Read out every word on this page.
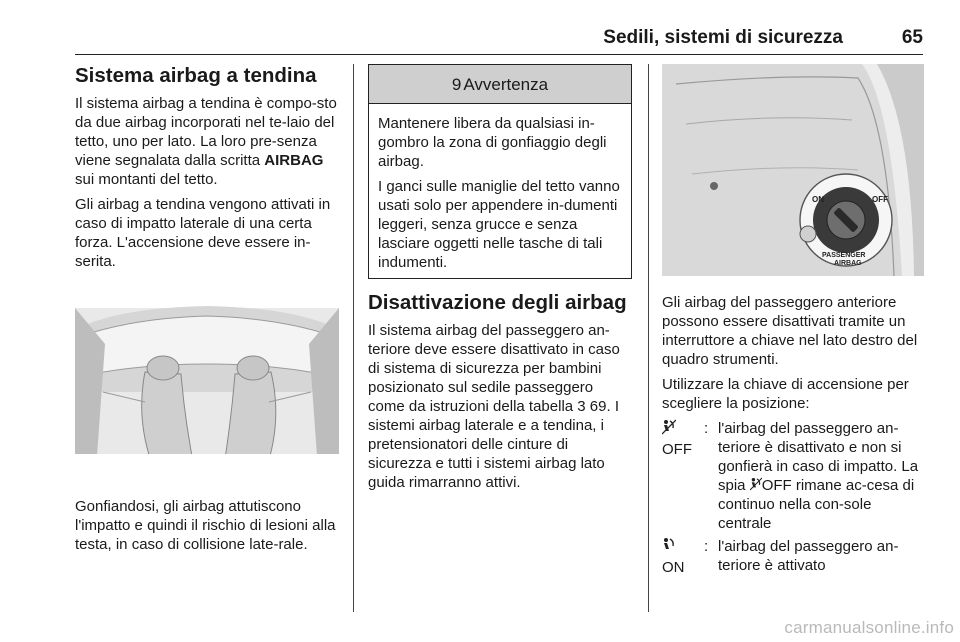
Sedili, sistemi di sicurezza	65
Sistema airbag a tendina

Il sistema airbag a tendina è compo-sto da due airbag incorporati nel te-laio del tetto, uno per lato. La loro pre-senza viene segnalata dalla scritta AIRBAG sui montanti del tetto.

Gli airbag a tendina vengono attivati in caso di impatto laterale di una certa forza. L'accensione deve essere in-serita.

Gonfiandosi, gli airbag attutiscono l'impatto e quindi il rischio di lesioni alla testa, in caso di collisione late-rale.

9 Avvertenza

Mantenere libera da qualsiasi in-gombro la zona di gonfiaggio degli airbag.

I ganci sulle maniglie del tetto vanno usati solo per appendere in-dumenti leggeri, senza grucce e senza lasciare oggetti nelle tasche di tali indumenti.

Disattivazione degli airbag

Il sistema airbag del passeggero an-teriore deve essere disattivato in caso di sistema di sicurezza per bambini posizionato sul sedile passeggero come da istruzioni della tabella 3 69. I sistemi airbag laterale e a tendina, i pretensionatori delle cinture di sicurezza e tutti i sistemi airbag lato guida rimarranno attivi.

ON	OFF
PASSENGER
AIRBAG

Gli airbag del passeggero anteriore possono essere disattivati tramite un interruttore a chiave nel lato destro del quadro strumenti.

Utilizzare la chiave di accensione per scegliere la posizione:

OFF
: l'airbag del passeggero an-teriore è disattivato e non si gonfierà in caso di impatto. La spia OFF rimane ac-cesa di continuo nella con-sole centrale

ON
: l'airbag del passeggero an-teriore è attivato
carmanualsonline.info
